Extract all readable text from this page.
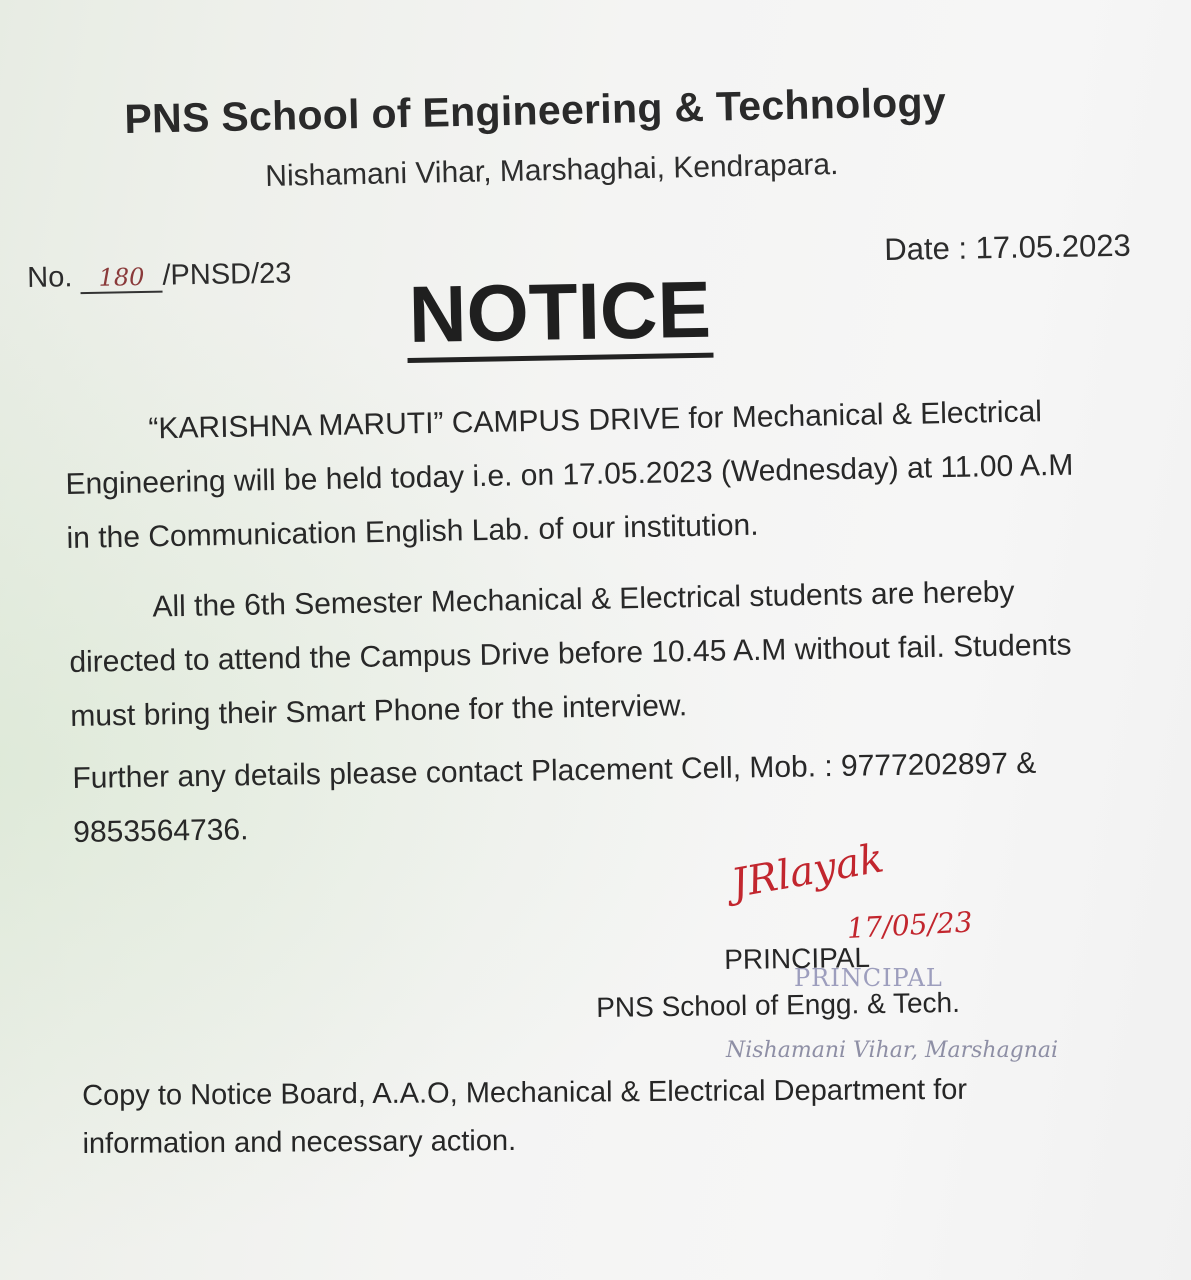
PNS School of Engineering & Technology
Nishamani Vihar, Marshaghai, Kendrapara.
No. 180 /PNSD/23
Date : 17.05.2023
NOTICE
“KARISHNA MARUTI” CAMPUS DRIVE for Mechanical & Electrical
Engineering will be held today i.e. on 17.05.2023 (Wednesday) at 11.00 A.M
in the Communication English Lab. of our institution.
All the 6th Semester Mechanical & Electrical students are hereby
directed to attend the Campus Drive before 10.45 A.M without fail. Students
must bring their Smart Phone for the interview.
Further any details please contact Placement Cell, Mob. : 9777202897 &
9853564736.
JRlayak
17/05/23
PRINCIPAL
Nishamani Vihar, Marshagnai
PRINCIPAL
PNS School of Engg. & Tech.
Copy to Notice Board, A.A.O, Mechanical & Electrical Department for
information and necessary action.
